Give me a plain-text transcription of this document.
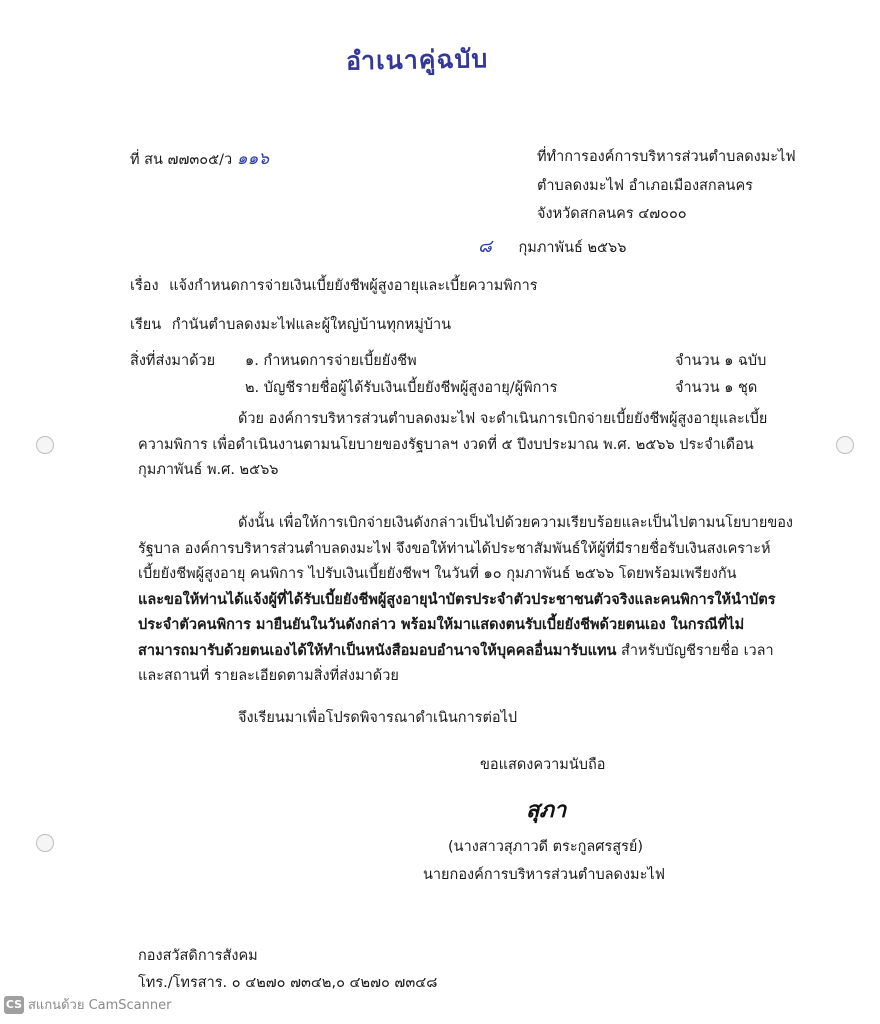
อำเนาคู่ฉบับ
ที่ สน ๗๗๓๐๕/ว ๑๑๖	ที่ทำการองค์การบริหารส่วนตำบลดงมะไฟ
ตำบลดงมะไฟ อำเภอเมืองสกลนคร
จังหวัดสกลนคร ๔๗๐๐๐
๘ กุมภาพันธ์ ๒๕๖๖
เรื่อง แจ้งกำหนดการจ่ายเงินเบี้ยยังชีพผู้สูงอายุและเบี้ยความพิการ
เรียน กำนันตำบลดงมะไฟและผู้ใหญ่บ้านทุกหมู่บ้าน
สิ่งที่ส่งมาด้วย ๑. กำหนดการจ่ายเบี้ยยังชีพ	จำนวน ๑ ฉบับ
๒. บัญชีรายชื่อผู้ได้รับเงินเบี้ยยังชีพผู้สูงอายุ/ผู้พิการ	จำนวน ๑ ชุด
ด้วย องค์การบริหารส่วนตำบลดงมะไฟ จะดำเนินการเบิกจ่ายเบี้ยยังชีพผู้สูงอายุและเบี้ย
ความพิการ เพื่อดำเนินงานตามนโยบายของรัฐบาลฯ งวดที่ ๕ ปีงบประมาณ พ.ศ. ๒๕๖๖ ประจำเดือน
กุมภาพันธ์ พ.ศ. ๒๕๖๖
ดังนั้น เพื่อให้การเบิกจ่ายเงินดังกล่าวเป็นไปด้วยความเรียบร้อยและเป็นไปตามนโยบายของ
รัฐบาล องค์การบริหารส่วนตำบลดงมะไฟ จึงขอให้ท่านได้ประชาสัมพันธ์ให้ผู้ที่มีรายชื่อรับเงินสงเคราะห์
เบี้ยยังชีพผู้สูงอายุ คนพิการ ไปรับเงินเบี้ยยังชีพฯ ในวันที่ ๑๐ กุมภาพันธ์ ๒๕๖๖ โดยพร้อมเพรียงกัน
และขอให้ท่านได้แจ้งผู้ที่ได้รับเบี้ยยังชีพผู้สูงอายุนำบัตรประจำตัวประชาชนตัวจริงและคนพิการให้นำบัตร
ประจำตัวคนพิการ มายืนยันในวันดังกล่าว พร้อมให้มาแสดงตนรับเบี้ยยังชีพด้วยตนเอง ในกรณีที่ไม่
สามารถมารับด้วยตนเองได้ให้ทำเป็นหนังสือมอบอำนาจให้บุคคลอื่นมารับแทน สำหรับบัญชีรายชื่อ เวลา
และสถานที่ รายละเอียดตามสิ่งที่ส่งมาด้วย
จึงเรียนมาเพื่อโปรดพิจารณาดำเนินการต่อไป
ขอแสดงความนับถือ
สุภา
(นางสาวสุภาวดี ตระกูลศรสูรย์)
นายกองค์การบริหารส่วนตำบลดงมะไฟ
กองสวัสดิการสังคม
โทร./โทรสาร. ๐ ๔๒๗๐ ๗๓๔๒,๐ ๔๒๗๐ ๗๓๔๘
CS สแกนด้วย CamScanner
